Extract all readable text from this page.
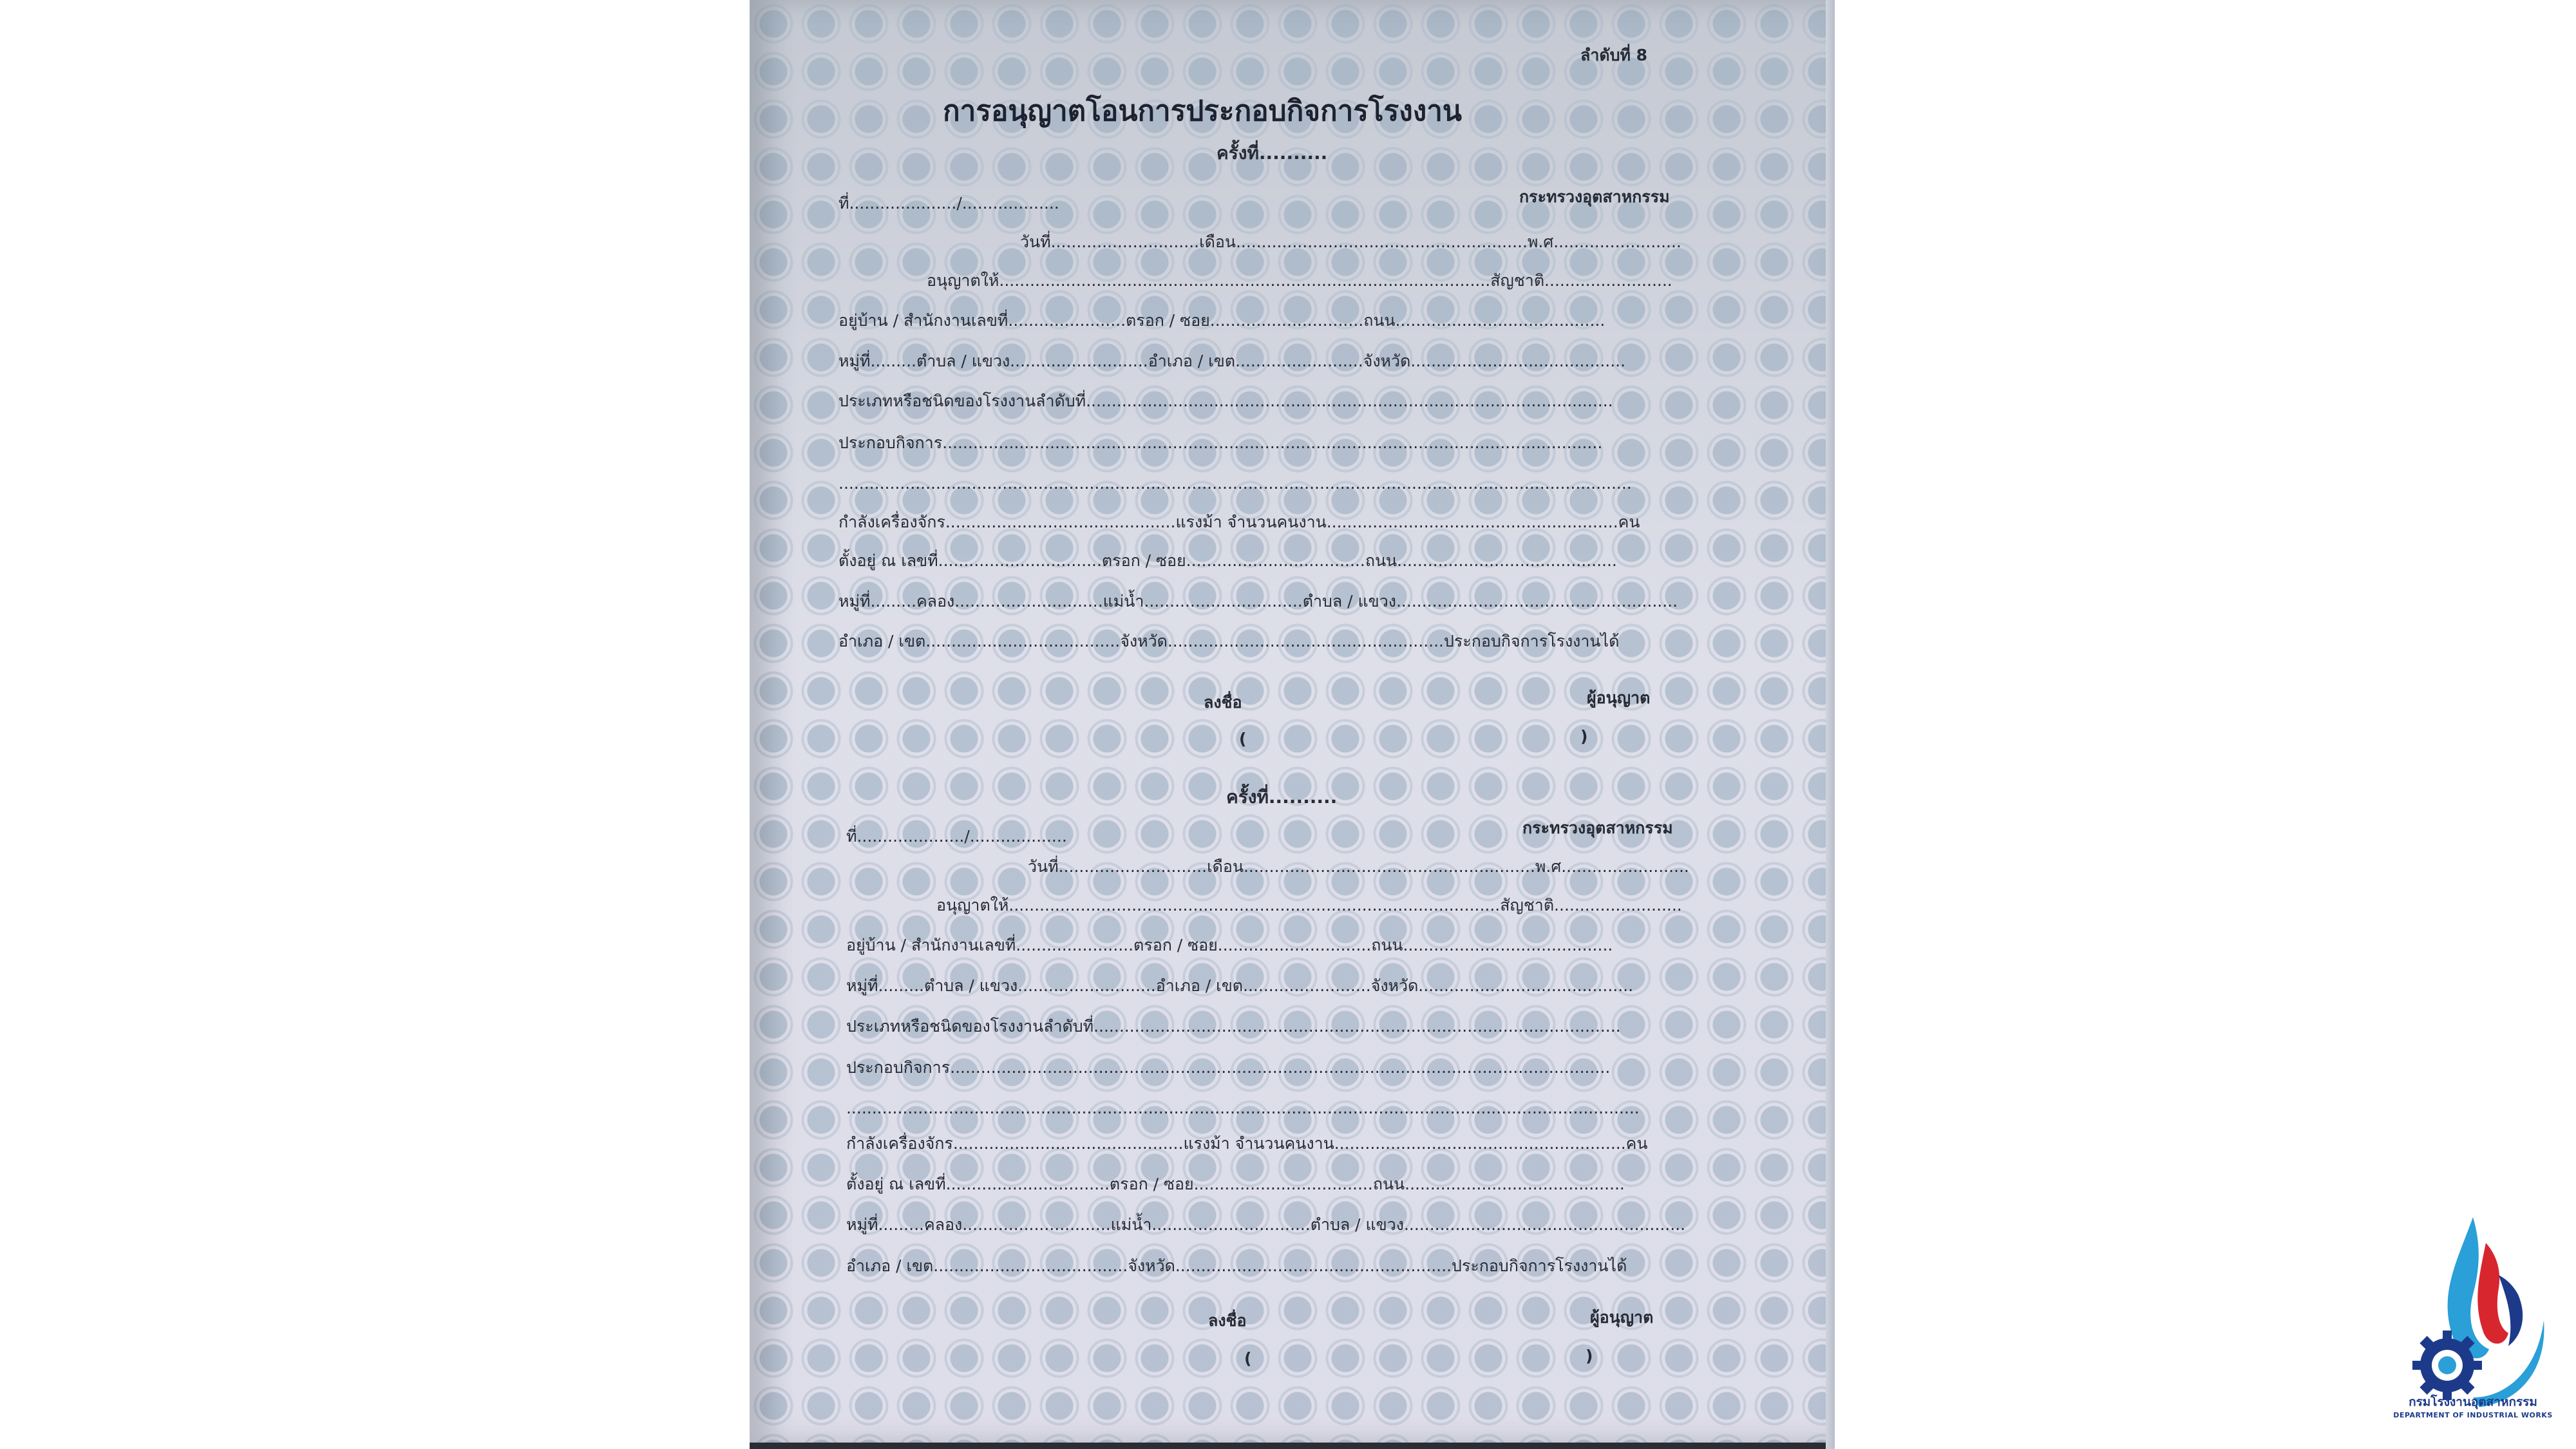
ลำดับที่ 8
การอนุญาตโอนการประกอบกิจการโรงงาน
ครั้งที่..........
ที่...................../...................	กระทรวงอุตสาหกรรม
วันที่.............................เดือน.........................................................พ.ศ.........................
อนุญาตให้................................................................................................สัญชาติ.........................
อยู่บ้าน / สำนักงานเลขที่.......................ตรอก / ซอย..............................ถนน.........................................
หมู่ที่.........ตำบล / แขวง...........................อำเภอ / เขต.........................จังหวัด..........................................
ประเภทหรือชนิดของโรงงานลำดับที่.......................................................................................................
ประกอบกิจการ.................................................................................................................................
...........................................................................................................................................................
กำลังเครื่องจักร.............................................แรงม้า จำนวนคนงาน.........................................................คน
ตั้งอยู่ ณ เลขที่................................ตรอก / ซอย...................................ถนน...........................................
หมู่ที่.........คลอง.............................แม่น้ำ...............................ตำบล / แขวง.......................................................
อำเภอ / เขต......................................จังหวัด......................................................ประกอบกิจการโรงงานได้
ลงชื่อ	ผู้อนุญาต
(	)
ครั้งที่..........
ที่...................../...................	กระทรวงอุตสาหกรรม
วันที่.............................เดือน.........................................................พ.ศ.........................
อนุญาตให้................................................................................................สัญชาติ.........................
อยู่บ้าน / สำนักงานเลขที่.......................ตรอก / ซอย..............................ถนน.........................................
หมู่ที่.........ตำบล / แขวง...........................อำเภอ / เขต.........................จังหวัด..........................................
ประเภทหรือชนิดของโรงงานลำดับที่.......................................................................................................
ประกอบกิจการ.................................................................................................................................
...........................................................................................................................................................
กำลังเครื่องจักร.............................................แรงม้า จำนวนคนงาน.........................................................คน
ตั้งอยู่ ณ เลขที่................................ตรอก / ซอย...................................ถนน...........................................
หมู่ที่.........คลอง.............................แม่น้ำ...............................ตำบล / แขวง.......................................................
อำเภอ / เขต......................................จังหวัด......................................................ประกอบกิจการโรงงานได้
ลงชื่อ	ผู้อนุญาต
(	)
กรมโรงงานอุตสาหกรรม
DEPARTMENT OF INDUSTRIAL WORKS
